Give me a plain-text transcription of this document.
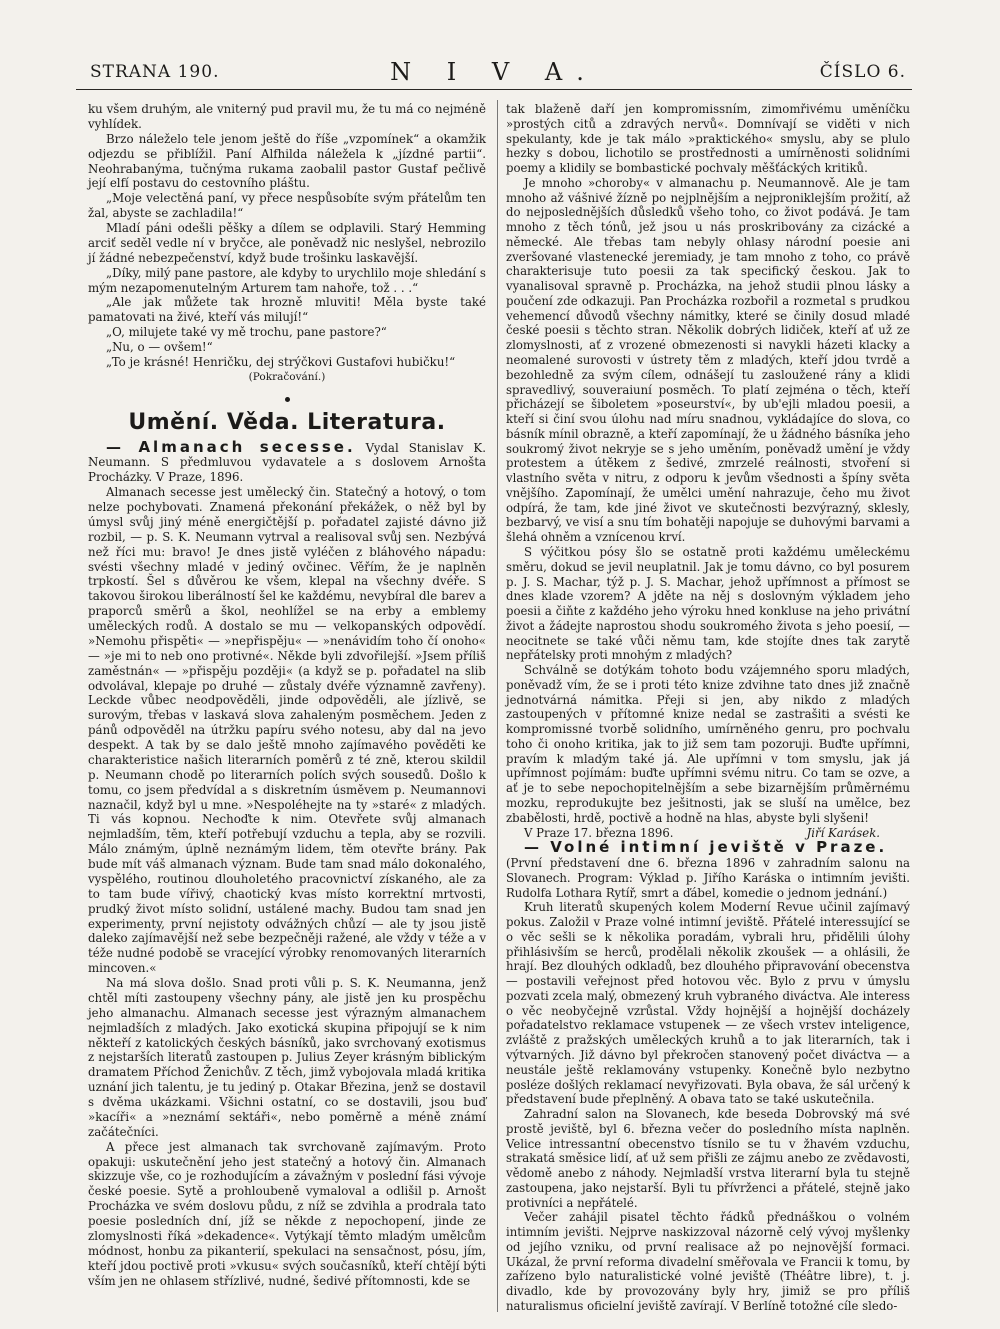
STRANA 190.	N I V A.	ČÍSLO 6.

ku všem druhým, ale vniterný pud pravil mu, že tu má co nejméně vyhlídek.

Brzo náleželo tele jenom ještě do říše „vzpomínek“ a okamžik odjezdu se přiblížil. Paní Alfhilda náležela k „jízdné partii“. Neohrabanýma, tučnýma rukama zaobalil pastor Gustaf pečlivě její elfí postavu do cestovního pláštu.

„Moje velectěná paní, vy přece nespůsobíte svým přátelům ten žal, abyste se zachladila!“

Mladí páni odešli pěšky a dílem se odplavili. Starý Hemming arciť seděl vedle ní v bryčce, ale poněvadž nic neslyšel, nebrozilo jí žádné nebezpečenství, když bude trošinku laskavější.

„Díky, milý pane pastore, ale kdyby to urychlilo moje shledání s mým nezapomenutelným Arturem tam nahoře, tož . . .“

„Ale jak můžete tak hrozně mluviti! Měla byste také pamatovati na živé, kteří vás milují!“

„O, milujete také vy mě trochu, pane pastore?“

„Nu, o — ovšem!“

„To je krásné! Henričku, dej strýčkovi Gustafovi hubičku!“

(Pokračování.)

Umění. Věda. Literatura.

— Almanach secesse. Vydal Stanislav K. Neumann. S předmluvou vydavatele a s doslovem Arnošta Procházky. V Praze, 1896.

Almanach secesse jest umělecký čin. Statečný a hotový, o tom nelze pochybovati. Znamená překonání překážek, o něž byl by úmysl svůj jiný méně energičtější p. pořadatel zajisté dávno již rozbil, — p. S. K. Neumann vytrval a realisoval svůj sen. Nezbývá než říci mu: bravo! Je dnes jistě vyléčen z bláhového nápadu: svésti všechny mladé v jediný ovčinec. Věřím, že je naplněn trpkostí. Šel s důvěrou ke všem, klepal na všechny dvéře. S takovou širokou liberálností šel ke každému, nevybíral dle barev a praporců směrů a škol, neohlížel se na erby a emblemy uměleckých rodů. A dostalo se mu — velkopanských odpovědí. »Nemohu přispěti« — »nepřispěju« — »nenávidím toho čí onoho« — »je mi to neb ono protivné«. Někde byli zdvořilejší. »Jsem příliš zaměstnán« — »přispěju později« (a když se p. pořadatel na slib odvolával, klepaje po druhé — zůstaly dvéře významně zavřeny). Leckde vůbec neodpověděli, jinde odpověděli, ale jízlivě, se surovým, třebas v laskavá slova zahaleným posměchem. Jeden z pánů odpověděl na útržku papíru svého notesu, aby dal na jevo despekt. A tak by se dalo ještě mnoho zajímavého pověděti ke charakteristice našich literarních poměrů z té zně, kterou skildil p. Neumann chodě po literarních polích svých sousedů. Došlo k tomu, co jsem předvídal a s diskretním úsměvem p. Neumannovi naznačil, když byl u mne. »Nespoléhejte na ty »staré« z mladých. Ti vás kopnou. Nechoďte k nim. Otevřete svůj almanach nejmladším, těm, kteří potřebují vzduchu a tepla, aby se rozvili. Málo známým, úplně neznámým lidem, těm otevřte brány. Pak bude mít váš almanach význam. Bude tam snad málo dokonalého, vyspělého, routinou dlouholetého pracovnictví získaného, ale za to tam bude vířivý, chaotický kvas místo korrektní mrtvosti, prudký život místo solidní, ustálené machy. Budou tam snad jen experimenty, první nejistoty odvážných chůzí — ale ty jsou jistě daleko zajímavější než sebe bezpečněji ražené, ale vždy v téže a v téže nudné podobě se vracející výrobky renomovaných literarních mincoven.«

Na má slova došlo. Snad proti vůli p. S. K. Neumanna, jenž chtěl míti zastoupeny všechny pány, ale jistě jen ku prospěchu jeho almanachu. Almanach secesse jest výrazným almanachem nejmladších z mladých. Jako exotická skupina připojují se k nim někteří z katolických českých básníků, jako svrchovaný exotismus z nejstarších literatů zastoupen p. Julius Zeyer krásným biblickým dramatem Příchod Ženichův. Z těch, jimž vybojovala mladá kritika uznání jich talentu, je tu jediný p. Otakar Březina, jenž se dostavil s dvěma ukázkami. Všichni ostatní, co se dostavili, jsou buď »kacíři« a »neznámí sektáři«, nebo poměrně a méně známí začátečníci.

A přece jest almanach tak svrchovaně zajímavým. Proto opakuji: uskutečnění jeho jest statečný a hotový čin. Almanach skizzuje vše, co je rozhodujícím a závažným v poslední fási vývoje české poesie. Sytě a prohloubeně vymaloval a odlišil p. Arnošt Procházka ve svém doslovu půdu, z níž se zdvihla a prodrala tato poesie posledních dní, jíž se někde z nepochopení, jinde ze zlomyslnosti říká »dekadence«. Vytýkají těmto mladým umělcům módnost, honbu za pikanterií, spekulaci na sensačnost, pósu, jím, kteří jdou poctivě proti »vkusu« svých současníků, kteří chtějí býti vším jen ne ohlasem střízlivé, nudné, šedivé přítomnosti, kde se

tak blaženě daří jen kompromissním, zimomřivému uměníčku »prostých citů a zdravých nervů«. Domnívají se viděti v nich spekulanty, kde je tak málo »praktického« smyslu, aby se plulo hezky s dobou, lichotilo se prostřednosti a umírněnosti solidními poemy a klidily se bombastické pochvaly měšťáckých kritiků.

Je mnoho »choroby« v almanachu p. Neumannově. Ale je tam mnoho až vášnivé žízně po nejplnějším a nejproniklejším prožití, až do nejposlednějších důsledků všeho toho, co život podává. Je tam mnoho z těch tónů, jež jsou u nás proskribovány za cizácké a německé. Ale třebas tam nebyly ohlasy národní poesie ani zveršované vlastenecké jeremiady, je tam mnoho z toho, co právě charakterisuje tuto poesii za tak specifický českou. Jak to vyanalisoval spravně p. Procházka, na jehož studii plnou lásky a poučení zde odkazuji. Pan Procházka rozbořil a rozmetal s prudkou vehemencí důvodů všechny námitky, které se činily dosud mladé české poesii s těchto stran. Několik dobrých lidiček, kteří ať už ze zlomyslnosti, ať z vrozené obmezenosti si navykli házeti klacky a neomalené surovosti v ústrety těm z mladých, kteří jdou tvrdě a bezohledně za svým cílem, odnášejí tu zasloužené rány a klidi spravedlivý, souveraiuní posměch. To platí zejména o těch, kteří přicházejí se šiboletem »poseurství«, by ub'ejli mladou poesii, a kteří si činí svou úlohu nad míru snadnou, vykládajíce do slova, co básník mínil obrazně, a kteří zapomínají, že u žádného básníka jeho soukromý život nekryje se s jeho uměním, poněvadž umění je vždy protestem a útěkem z šedivé, zmrzelé reálnosti, stvoření si vlastního světa v nitru, z odporu k jevům všednosti a špíny světa vnějšího. Zapomínají, že umělci umění nahrazuje, čeho mu život odpírá, že tam, kde jiné život ve skutečnosti bezvýrazný, sklesly, bezbarvý, ve visí a snu tím bohatěji napojuje se duhovými barvami a šlehá ohněm a vznícenou krví.

S výčitkou pósy šlo se ostatně proti každému uměleckému směru, dokud se jevil neuplatnil. Jak je tomu dávno, co byl posurem p. J. S. Machar, týž p. J. S. Machar, jehož upřímnost a přímost se dnes klade vzorem? A jděte na něj s doslovným výkladem jeho poesii a čiňte z každého jeho výroku hned konkluse na jeho privátní život a žádejte naprostou shodu soukromého života s jeho poesií, — neocitnete se také vůči němu tam, kde stojíte dnes tak zarytě nepřátelsky proti mnohým z mladých?

Schválně se dotýkám tohoto bodu vzájemného sporu mladých, poněvadž vím, že se i proti této knize zdvihne tato dnes již značně jednotvárná námitka. Přeji si jen, aby nikdo z mladých zastoupených v přítomné knize nedal se zastrašiti a svésti ke kompromissné tvorbě solidního, umírněného genru, pro pochvalu toho či onoho kritika, jak to již sem tam pozoruji. Buďte upřímni, pravím k mladým také já. Ale upřímni v tom smyslu, jak já upřímnost pojímám: buďte upřímni svému nitru. Co tam se ozve, a ať je to sebe nepochopitelnějším a sebe bizarnějším průměrnému mozku, reprodukujte bez ješitnosti, jak se sluší na umělce, bez zbabělosti, hrdě, poctivě a hodně na hlas, abyste byli slyšeni!

V Praze 17. března 1896.	Jiří Karásek.

— Volné intimní jeviště v Praze.

(První představení dne 6. března 1896 v zahradním salonu na Slovanech. Program: Výklad p. Jiřího Karáska o intimním jevišti. Rudolfa Lothara Rytíř, smrt a ďábel, komedie o jednom jednání.)

Kruh literatů skupených kolem Moderní Revue učinil zajímavý pokus. Založil v Praze volné intimní jeviště. Přátelé interessující se o věc sešli se k několika poradám, vybrali hru, přidělili úlohy přihlásivším se herců, prodělali několik zkoušek — a ohlásili, že hrají. Bez dlouhých odkladů, bez dlouhého připravování obecenstva — postavili veřejnost před hotovou věc. Bylo z prvu v úmyslu pozvati zcela malý, obmezený kruh vybraného diváctva. Ale interess o věc neobyčejně vzrůstal. Vždy hojnější a hojnější docházely pořadatelstvo reklamace vstupenek — ze všech vrstev inteligence, zvláště z pražských uměleckých kruhů a to jak literarních, tak i výtvarných. Již dávno byl překročen stanovený počet diváctva — a neustále ještě reklamovány vstupenky. Konečně bylo nezbytno posléze došlých reklamací nevyřizovati. Byla obava, že sál určený k představení bude přeplněný. A obava tato se také uskutečnila.

Zahradní salon na Slovanech, kde beseda Dobrovský má své prostě jeviště, byl 6. března večer do posledního místa naplněn. Velice intressantní obecenstvo tísnilo se tu v žhavém vzduchu, strakatá směsice lidí, ať už sem přišli ze zájmu anebo ze zvědavosti, vědomě anebo z náhody. Nejmladší vrstva literarní byla tu stejně zastoupena, jako nejstarší. Byli tu přívrženci a přátelé, stejně jako protivníci a nepřátelé.

Večer zahájil pisatel těchto řádků přednáškou o volném intimním jevišti. Nejprve naskizzoval názorně celý vývoj myšlenky od jejího vzniku, od první realisace až po nejnovější formaci. Ukázal, že první reforma divadelní směřovala ve Francii k tomu, by zařízeno bylo naturalistické volné jeviště (Théâtre libre), t. j. divadlo, kde by provozovány byly hry, jimiž se pro příliš naturalismus oficielní jeviště zavírají. V Berlíně totožné cíle sledo-
